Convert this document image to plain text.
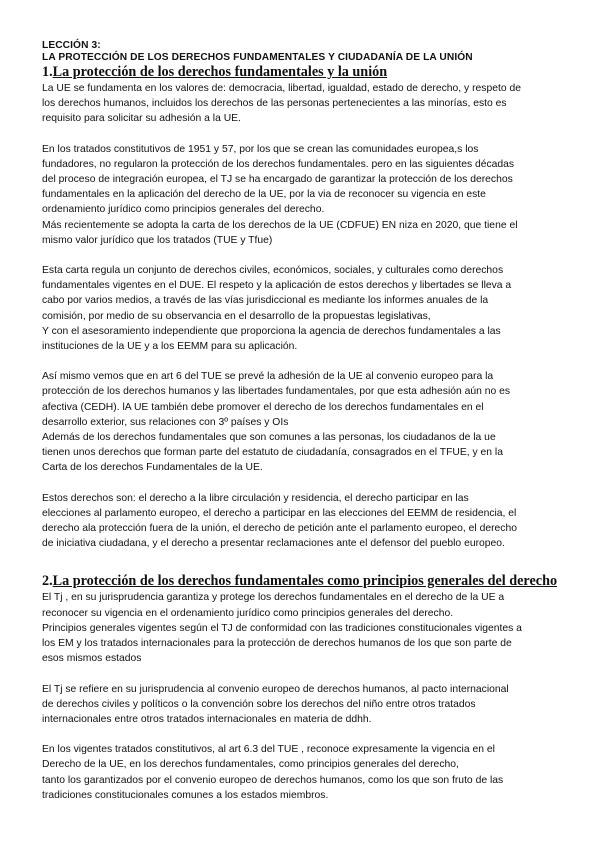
LECCIÓN 3:
LA PROTECCIÓN DE LOS DERECHOS FUNDAMENTALES Y CIUDADANÍA DE LA UNIÓN
1.La protección de los derechos fundamentales y la unión

La UE se fundamenta en los valores de: democracia, libertad, igualdad, estado de derecho, y respeto de
los derechos humanos, incluidos los derechos de las personas pertenecientes a las minorías, esto es
requisito para solicitar su adhesión a la UE.

En los tratados constitutivos de 1951 y 57, por los que se crean las comunidades europea,s los
fundadores, no regularon la protección de los derechos fundamentales. pero en las siguientes décadas
del proceso de integración europea, el TJ se ha encargado de garantizar la protección de los derechos
fundamentales en la aplicación del derecho de la UE, por la via de reconocer su vigencia en este
ordenamiento jurídico como principios generales del derecho.
Más recientemente se adopta la carta de los derechos de la UE (CDFUE) EN niza en 2020, que tiene el
mismo valor jurídico que los tratados (TUE y Tfue)

Esta carta regula un conjunto de derechos civiles, económicos, sociales, y culturales como derechos
fundamentales vigentes en el DUE. El respeto y la aplicación de estos derechos y libertades se lleva a
cabo por varios medios, a través de las vías jurisdiccional es mediante los informes anuales de la
comisión, por medio de su observancia en el desarrollo de la propuestas legislativas,
Y con el asesoramiento independiente que proporciona la agencia de derechos fundamentales a las
instituciones de la UE y a los EEMM para su aplicación.

Así mismo vemos que en art 6 del TUE se prevé la adhesión de la UE al convenio europeo para la
protección de los derechos humanos y las libertades fundamentales, por que esta adhesión aún no es
afectiva (CEDH). lA UE también debe promover el derecho de los derechos fundamentales en el
desarrollo exterior, sus relaciones con 3º países y OIs
Además de los derechos fundamentales que son comunes a las personas, los ciudadanos de la ue
tienen unos derechos que forman parte del estatuto de ciudadanía, consagrados en el TFUE, y en la
Carta de los derechos Fundamentales de la UE.

Estos derechos son: el derecho a la libre circulación y residencia, el derecho participar en las
elecciones al parlamento europeo, el derecho a participar en las elecciones del EEMM de residencia, el
derecho ala protección fuera de la unión, el derecho de petición ante el parlamento europeo, el derecho
de iniciativa ciudadana, y el derecho a presentar reclamaciones ante el defensor del pueblo europeo.

2.La protección de los derechos fundamentales como principios generales del derecho

El Tj , en su jurisprudencia garantiza y protege los derechos fundamentales en el derecho de la UE a
reconocer su vigencia en el ordenamiento jurídico como principios generales del derecho.
Principios generales vigentes según el TJ de conformidad con las tradiciones constitucionales vigentes a
los EM y los tratados internacionales para la protección de derechos humanos de los que son parte de
esos mismos estados

El Tj se refiere en su jurisprudencia al convenio europeo de derechos humanos, al pacto internacional
de derechos civiles y políticos o la convención sobre los derechos del niño entre otros tratados
internacionales entre otros tratados internacionales en materia de ddhh.

En los vigentes tratados constitutivos, al art 6.3 del TUE , reconoce expresamente la vigencia en el
Derecho de la UE, en los derechos fundamentales, como principios generales del derecho,
tanto los garantizados por el convenio europeo de derechos humanos, como los que son fruto de las
tradiciones constitucionales comunes a los estados miembros.
